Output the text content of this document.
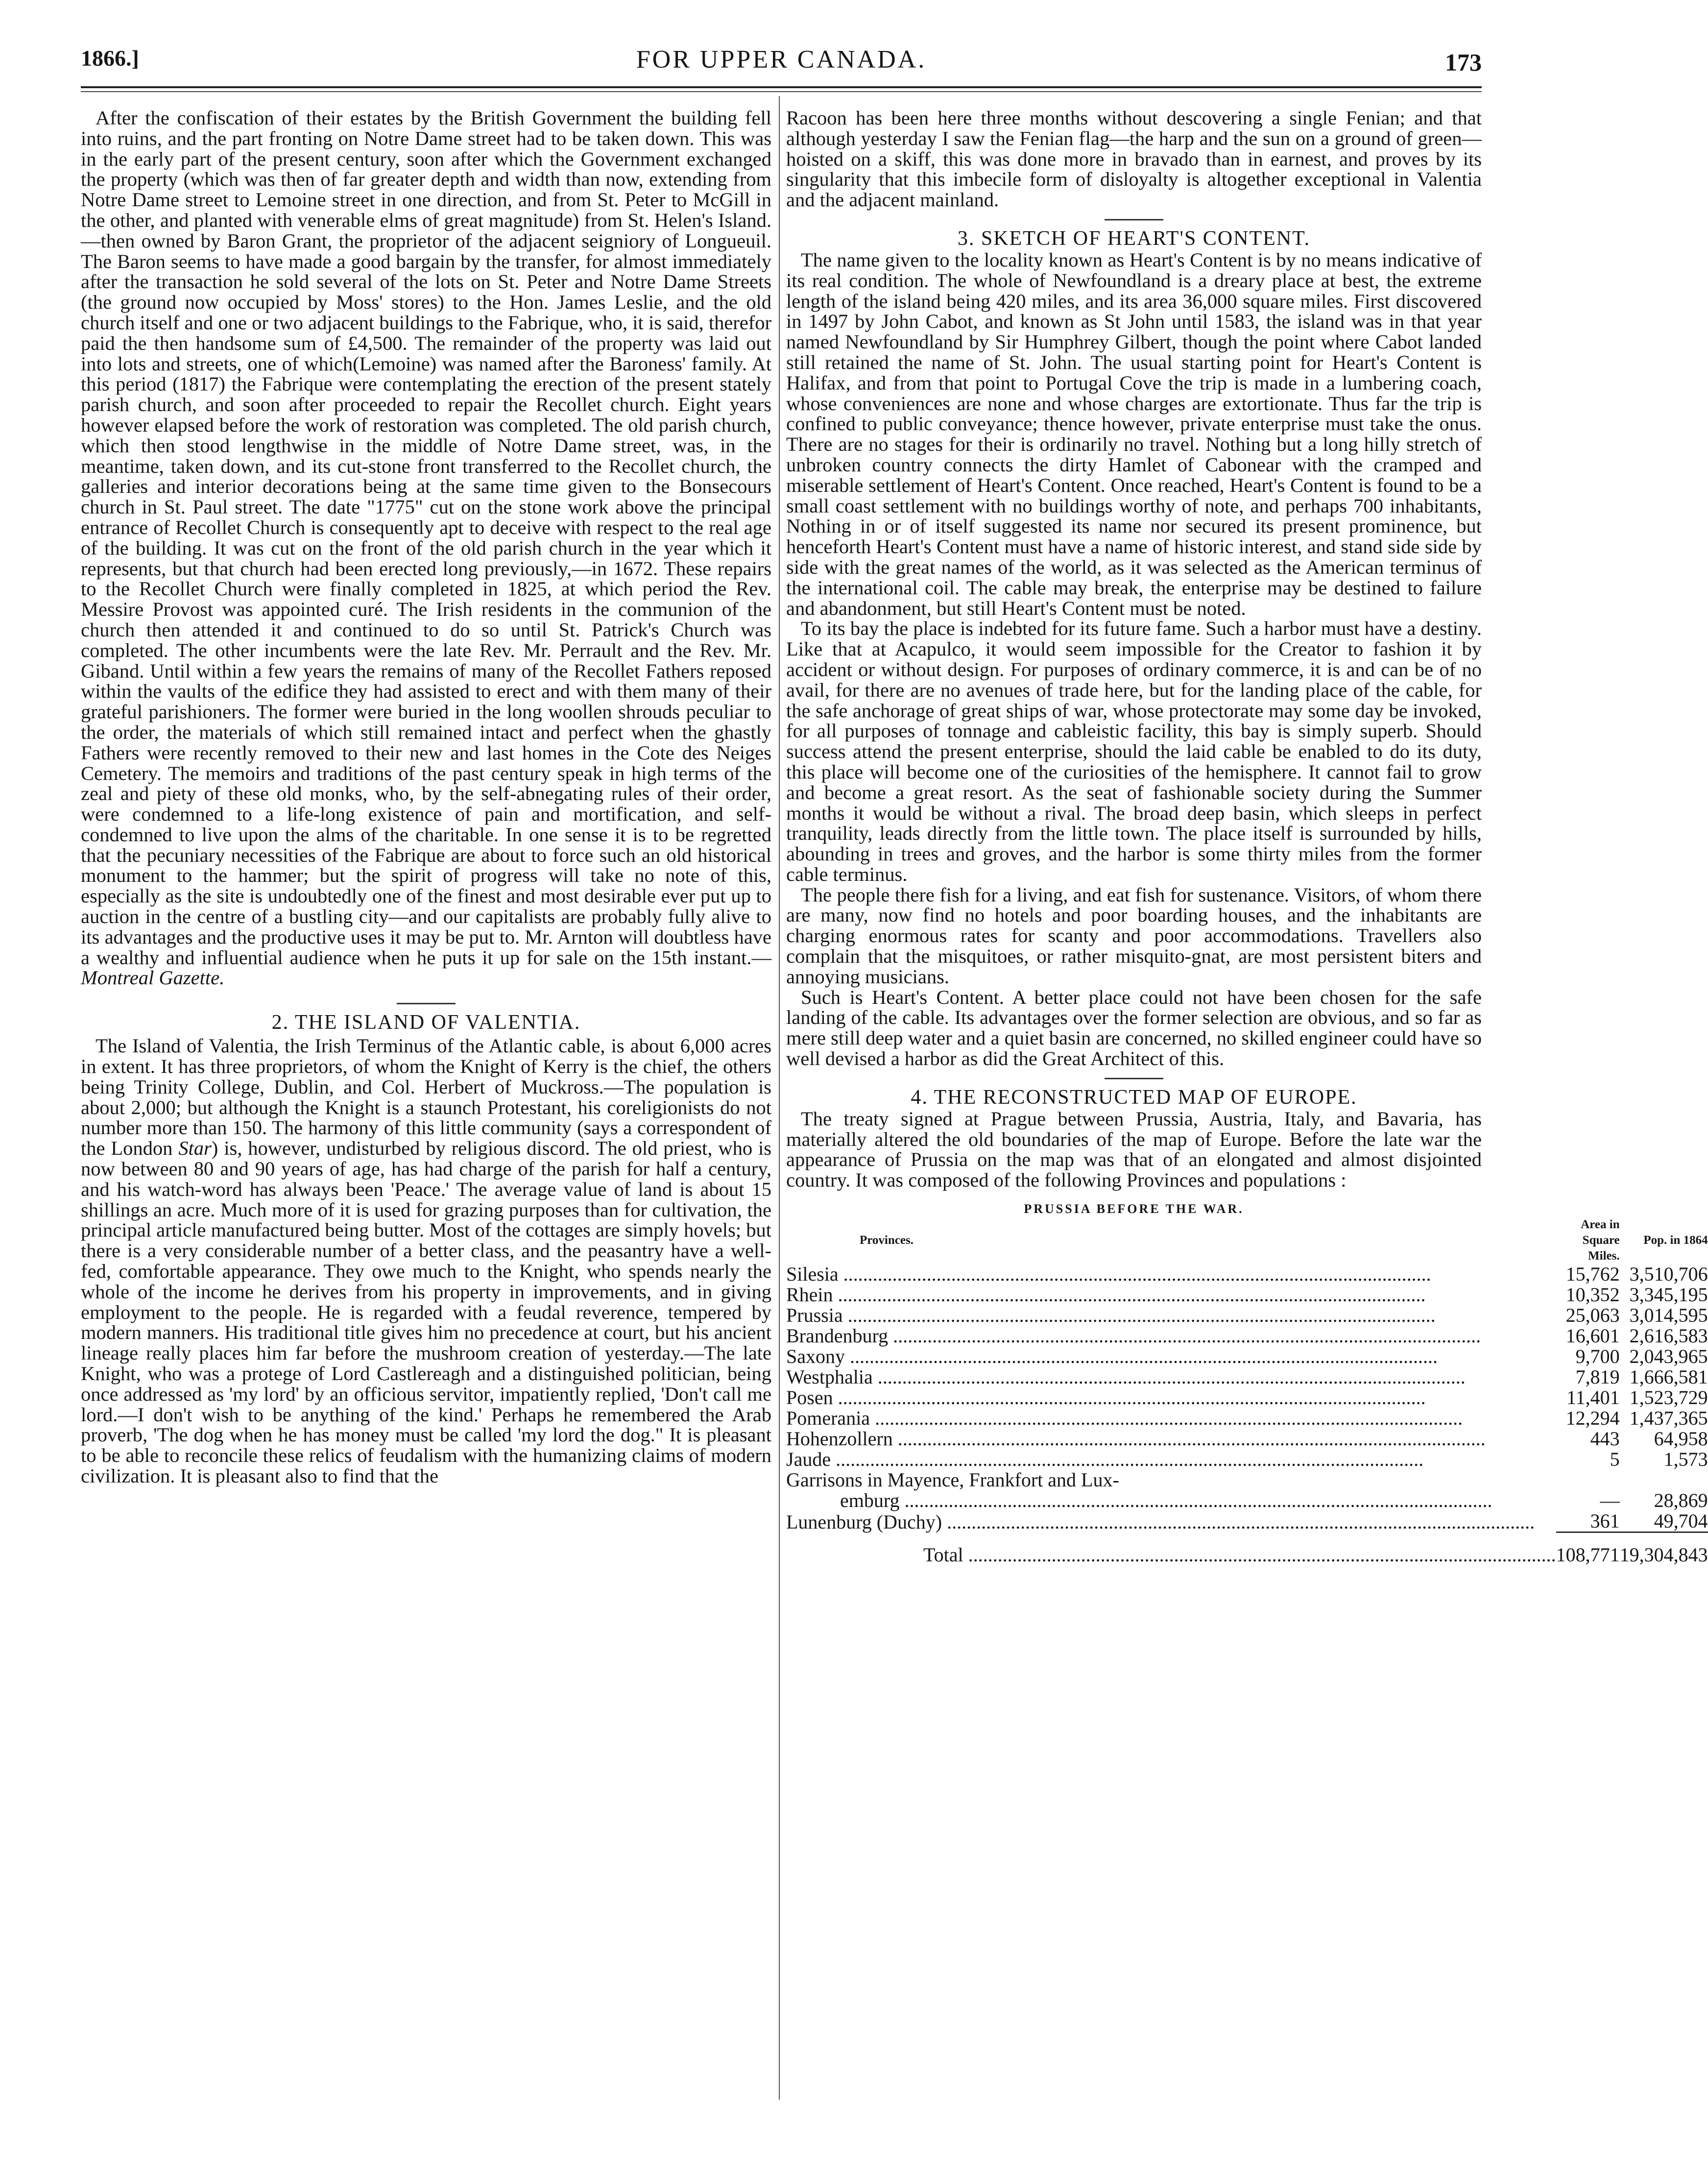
1866.]	FOR UPPER CANADA.	173

After the confiscation of their estates by the British Government the building fell into ruins, and the part fronting on Notre Dame street had to be taken down. This was in the early part of the present century, soon after which the Government exchanged the property (which was then of far greater depth and width than now, extending from Notre Dame street to Lemoine street in one direction, and from St. Peter to McGill in the other, and planted with venerable elms of great magnitude) from St. Helen's Island.—then owned by Baron Grant, the proprietor of the adjacent seigniory of Longueuil. The Baron seems to have made a good bargain by the transfer, for almost immediately after the transaction he sold several of the lots on St. Peter and Notre Dame Streets (the ground now occupied by Moss' stores) to the Hon. James Leslie, and the old church itself and one or two adjacent buildings to the Fabrique, who, it is said, therefor paid the then handsome sum of £4,500. The remainder of the property was laid out into lots and streets, one of which(Lemoine) was named after the Baroness' family. At this period (1817) the Fabrique were contemplating the erection of the present stately parish church, and soon after proceeded to repair the Recollet church. Eight years however elapsed before the work of restoration was completed. The old parish church, which then stood lengthwise in the middle of Notre Dame street, was, in the meantime, taken down, and its cut-stone front transferred to the Recollet church, the galleries and interior decorations being at the same time given to the Bonsecours church in St. Paul street. The date "1775" cut on the stone work above the principal entrance of Recollet Church is consequently apt to deceive with respect to the real age of the building. It was cut on the front of the old parish church in the year which it represents, but that church had been erected long previously,—in 1672. These repairs to the Recollet Church were finally completed in 1825, at which period the Rev. Messire Provost was appointed curé. The Irish residents in the communion of the church then attended it and continued to do so until St. Patrick's Church was completed. The other incumbents were the late Rev. Mr. Perrault and the Rev. Mr. Giband. Until within a few years the remains of many of the Recollet Fathers reposed within the vaults of the edifice they had assisted to erect and with them many of their grateful parishioners. The former were buried in the long woollen shrouds peculiar to the order, the materials of which still remained intact and perfect when the ghastly Fathers were recently removed to their new and last homes in the Cote des Neiges Cemetery. The memoirs and traditions of the past century speak in high terms of the zeal and piety of these old monks, who, by the self-abnegating rules of their order, were condemned to a life-long existence of pain and mortification, and self-condemned to live upon the alms of the charitable. In one sense it is to be regretted that the pecuniary necessities of the Fabrique are about to force such an old historical monument to the hammer; but the spirit of progress will take no note of this, especially as the site is undoubtedly one of the finest and most desirable ever put up to auction in the centre of a bustling city—and our capitalists are probably fully alive to its advantages and the productive uses it may be put to. Mr. Arnton will doubtless have a wealthy and influential audience when he puts it up for sale on the 15th instant.—Montreal Gazette.

2. THE ISLAND OF VALENTIA.

The Island of Valentia, the Irish Terminus of the Atlantic cable, is about 6,000 acres in extent. It has three proprietors, of whom the Knight of Kerry is the chief, the others being Trinity College, Dublin, and Col. Herbert of Muckross.—The population is about 2,000; but although the Knight is a staunch Protestant, his coreligionists do not number more than 150. The harmony of this little community (says a correspondent of the London Star) is, however, undisturbed by religious discord. The old priest, who is now between 80 and 90 years of age, has had charge of the parish for half a century, and his watch-word has always been 'Peace.' The average value of land is about 15 shillings an acre. Much more of it is used for grazing purposes than for cultivation, the principal article manufactured being butter. Most of the cottages are simply hovels; but there is a very considerable number of a better class, and the peasantry have a well-fed, comfortable appearance. They owe much to the Knight, who spends nearly the whole of the income he derives from his property in improvements, and in giving employment to the people. He is regarded with a feudal reverence, tempered by modern manners. His traditional title gives him no precedence at court, but his ancient lineage really places him far before the mushroom creation of yesterday.—The late Knight, who was a protege of Lord Castlereagh and a distinguished politician, being once addressed as 'my lord' by an officious servitor, impatiently replied, 'Don't call me lord.—I don't wish to be anything of the kind.' Perhaps he remembered the Arab proverb, 'The dog when he has money must be called 'my lord the dog." It is pleasant to be able to reconcile these relics of feudalism with the humanizing claims of modern civilization. It is pleasant also to find that the

Racoon has been here three months without descovering a single Fenian; and that although yesterday I saw the Fenian flag—the harp and the sun on a ground of green—hoisted on a skiff, this was done more in bravado than in earnest, and proves by its singularity that this imbecile form of disloyalty is altogether exceptional in Valentia and the adjacent mainland.

3. SKETCH OF HEART'S CONTENT.

The name given to the locality known as Heart's Content is by no means indicative of its real condition. The whole of Newfoundland is a dreary place at best, the extreme length of the island being 420 miles, and its area 36,000 square miles. First discovered in 1497 by John Cabot, and known as St John until 1583, the island was in that year named Newfoundland by Sir Humphrey Gilbert, though the point where Cabot landed still retained the name of St. John. The usual starting point for Heart's Content is Halifax, and from that point to Portugal Cove the trip is made in a lumbering coach, whose conveniences are none and whose charges are extortionate. Thus far the trip is confined to public conveyance; thence however, private enterprise must take the onus. There are no stages for their is ordinarily no travel. Nothing but a long hilly stretch of unbroken country connects the dirty Hamlet of Cabonear with the cramped and miserable settlement of Heart's Content. Once reached, Heart's Content is found to be a small coast settlement with no buildings worthy of note, and perhaps 700 inhabitants, Nothing in or of itself suggested its name nor secured its present prominence, but henceforth Heart's Content must have a name of historic interest, and stand side side by side with the great names of the world, as it was selected as the American terminus of the international coil. The cable may break, the enterprise may be destined to failure and abandonment, but still Heart's Content must be noted.

To its bay the place is indebted for its future fame. Such a harbor must have a destiny. Like that at Acapulco, it would seem impossible for the Creator to fashion it by accident or without design. For purposes of ordinary commerce, it is and can be of no avail, for there are no avenues of trade here, but for the landing place of the cable, for the safe anchorage of great ships of war, whose protectorate may some day be invoked, for all purposes of tonnage and cableistic facility, this bay is simply superb. Should success attend the present enterprise, should the laid cable be enabled to do its duty, this place will become one of the curiosities of the hemisphere. It cannot fail to grow and become a great resort. As the seat of fashionable society during the Summer months it would be without a rival. The broad deep basin, which sleeps in perfect tranquility, leads directly from the little town. The place itself is surrounded by hills, abounding in trees and groves, and the harbor is some thirty miles from the former cable terminus.

The people there fish for a living, and eat fish for sustenance. Visitors, of whom there are many, now find no hotels and poor boarding houses, and the inhabitants are charging enormous rates for scanty and poor accommodations. Travellers also complain that the misquitoes, or rather misquito-gnat, are most persistent biters and annoying musicians.

Such is Heart's Content. A better place could not have been chosen for the safe landing of the cable. Its advantages over the former selection are obvious, and so far as mere still deep water and a quiet basin are concerned, no skilled engineer could have so well devised a harbor as did the Great Architect of this.

4. THE RECONSTRUCTED MAP OF EUROPE.

The treaty signed at Prague between Prussia, Austria, Italy, and Bavaria, has materially altered the old boundaries of the map of Europe. Before the late war the appearance of Prussia on the map was that of an elongated and almost disjointed country. It was composed of the following Provinces and populations :

PRUSSIA BEFORE THE WAR.
Provinces.	Area in Square Miles.	Pop. in 1864
Silesia ........................................................................................................................	15,762	3,510,706
Rhein ........................................................................................................................	10,352	3,345,195
Prussia ........................................................................................................................	25,063	3,014,595
Brandenburg ........................................................................................................................	16,601	2,616,583
Saxony ........................................................................................................................	9,700	2,043,965
Westphalia ........................................................................................................................	7,819	1,666,581
Posen ........................................................................................................................	11,401	1,523,729
Pomerania ........................................................................................................................	12,294	1,437,365
Hohenzollern ........................................................................................................................	443	64,958
Jaude ........................................................................................................................	5	1,573
Garrisons in Mayence, Frankfort and Lux-		
emburg ........................................................................................................................	—	28,869
Lunenburg (Duchy) ........................................................................................................................	361	49,704
Total ........................................................................................................................	108,771	19,304,843
